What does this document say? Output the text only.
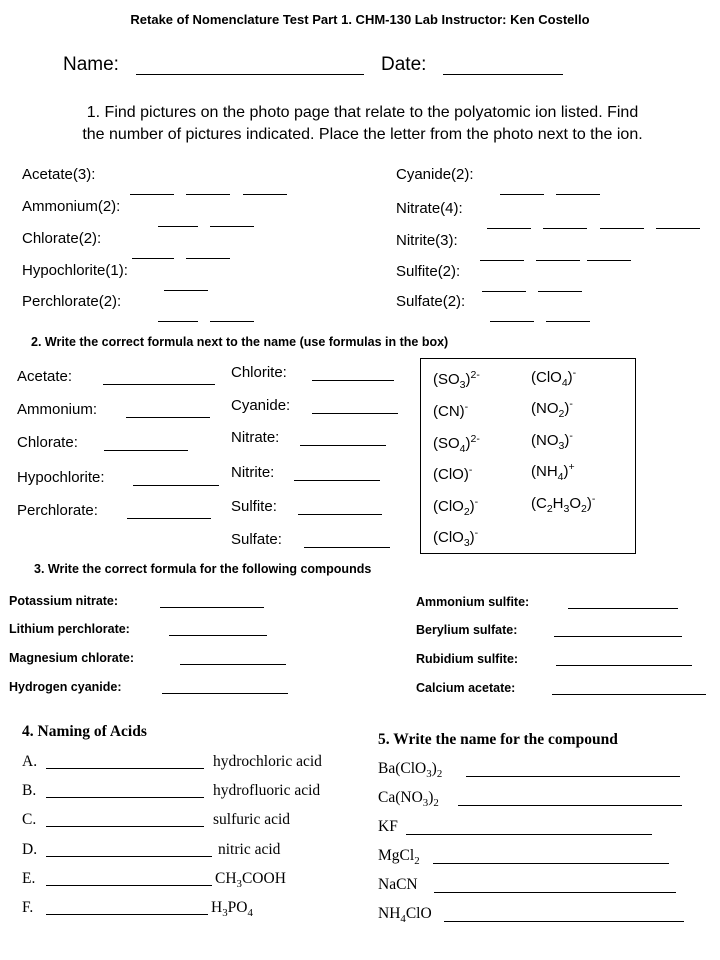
Retake of Nomenclature Test Part 1. CHM-130 Lab Instructor: Ken Costello
Name:	Date:
1. Find pictures on the photo page that relate to the polyatomic ion listed. Find
the number of pictures indicated. Place the letter from the photo next to the ion.
Acetate(3):

Ammonium(2):

Chlorate(2):

Hypochlorite(1):
Perchlorate(2):

Cyanide(2):

Nitrate(4):

Nitrite(3):

Sulfite(2):

Sulfate(2):

2. Write the correct formula next to the name (use formulas in the box)
Acetate:
Ammonium:
Chlorate:
Hypochlorite:
Perchlorate:
Chlorite:
Cyanide:
Nitrate:
Nitrite:
Sulfite:
Sulfate:
$(SO_3)^{2-}$
(CN)-
$(SO_4)^{2-}$
(ClO)-
(ClO$_2$)-
(ClO$_3$)-
(ClO$_4$)-
$(NO_2)^-$
$(NO_3)^-$
$(NH_4)^+$
$(C_2H_3O_2)^-$
3. Write the correct formula for the following compounds
Potassium nitrate:
Lithium perchlorate:
Magnesium chlorate:
Hydrogen cyanide:
Ammonium sulfite:
Berylium sulfate:
Rubidium sulfite:
Calcium acetate:
4. Naming of Acids
A.	hydrochloric acid
B.	hydrofluoric acid
C.	sulfuric acid
D.	nitric acid
E.	$CH_3COOH$
F.	$H_3PO_4$
5. Write the name for the compound
$Ba(ClO_3)_2$
$Ca(NO_3)_2$
KF
MgCl$_2$
NaCN
$NH_4ClO$
